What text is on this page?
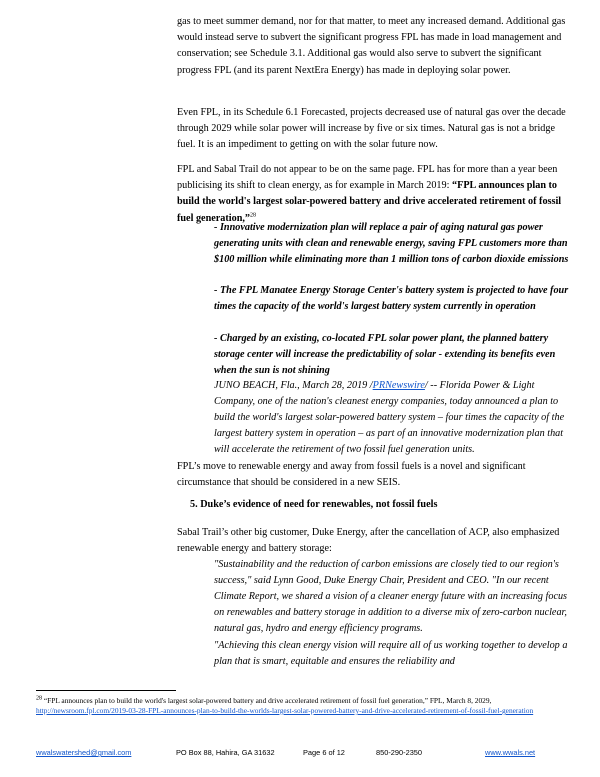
gas to meet summer demand, nor for that matter, to meet any increased demand. Additional gas would instead serve to subvert the significant progress FPL has made in load management and conservation; see Schedule 3.1. Additional gas would also serve to subvert the significant progress FPL (and its parent NextEra Energy) has made in deploying solar power.

Even FPL, in its Schedule 6.1 Forecasted, projects decreased use of natural gas over the decade through 2029 while solar power will increase by five or six times. Natural gas is not a bridge fuel. It is an impediment to getting on with the solar future now.

FPL and Sabal Trail do not appear to be on the same page. FPL has for more than a year been publicising its shift to clean energy, as for example in March 2019: “FPL announces plan to build the world's largest solar-powered battery and drive accelerated retirement of fossil fuel generation,”$^{28}$

- Innovative modernization plan will replace a pair of aging natural gas power generating units with clean and renewable energy, saving FPL customers more than $100 million while eliminating more than 1 million tons of carbon dioxide emissions

- The FPL Manatee Energy Storage Center's battery system is projected to have four times the capacity of the world's largest battery system currently in operation

- Charged by an existing, co-located FPL solar power plant, the planned battery storage center will increase the predictability of solar - extending its benefits even when the sun is not shining

JUNO BEACH, Fla., March 28, 2019 /PRNewswire/ -- Florida Power & Light Company, one of the nation's cleanest energy companies, today announced a plan to build the world's largest solar-powered battery system – four times the capacity of the largest battery system in operation – as part of an innovative modernization plan that will accelerate the retirement of two fossil fuel generation units.

FPL’s move to renewable energy and away from fossil fuels is a novel and significant circumstance that should be considered in a new SEIS.

5. Duke’s evidence of need for renewables, not fossil fuels

Sabal Trail’s other big customer, Duke Energy, after the cancellation of ACP, also emphasized renewable energy and battery storage:

"Sustainability and the reduction of carbon emissions are closely tied to our region's success," said Lynn Good, Duke Energy Chair, President and CEO. "In our recent Climate Report, we shared a vision of a cleaner energy future with an increasing focus on renewables and battery storage in addition to a diverse mix of zero-carbon nuclear, natural gas, hydro and energy efficiency programs.

"Achieving this clean energy vision will require all of us working together to develop a plan that is smart, equitable and ensures the reliability and

$^{28}$ “FPL announces plan to build the world's largest solar-powered battery and drive accelerated retirement of fossil fuel generation,” FPL, March 8, 2029,
http://newsroom.fpl.com/2019-03-28-FPL-announces-plan-to-build-the-worlds-largest-solar-powered-battery-and-drive-accelerated-retirement-of-fossil-fuel-generation

wwalswatershed@gmail.com	PO Box 88, Hahira, GA 31632	Page 6 of 12	850-290-2350	www.wwals.net
